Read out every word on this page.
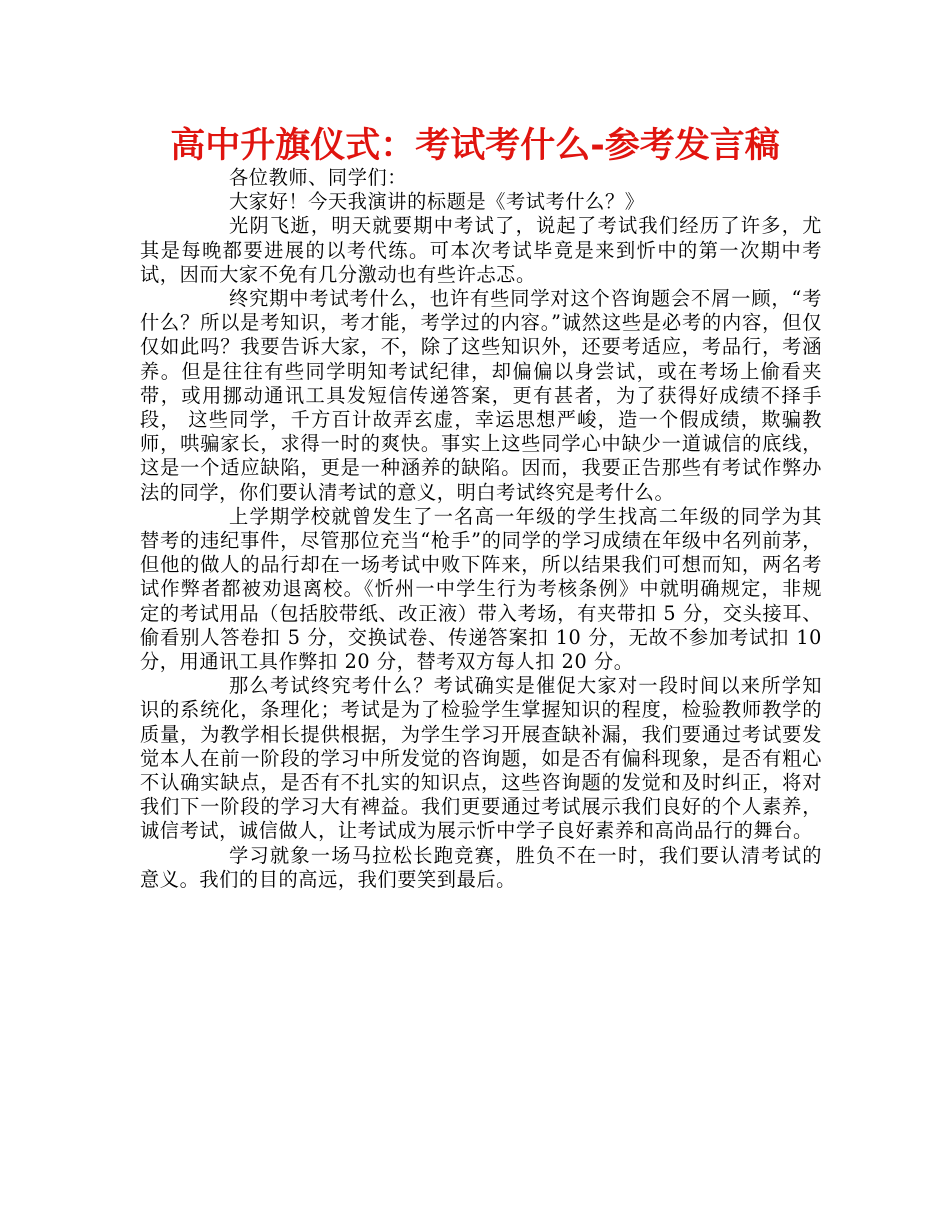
高中升旗仪式：考试考什么-参考发言稿

各位教师、同学们：

大家好！今天我演讲的标题是《考试考什么？》

光阴飞逝，明天就要期中考试了，说起了考试我们经历了许多，尤其是每晚都要进展的以考代练。可本次考试毕竟是来到忻中的第一次期中考试，因而大家不免有几分激动也有些许忐忑。

终究期中考试考什么，也许有些同学对这个咨询题会不屑一顾，“考什么？所以是考知识，考才能，考学过的内容。”诚然这些是必考的内容，但仅仅如此吗？我要告诉大家，不，除了这些知识外，还要考适应，考品行，考涵养。但是往往有些同学明知考试纪律，却偏偏以身尝试，或在考场上偷看夹带，或用挪动通讯工具发短信传递答案，更有甚者，为了获得好成绩不择手段， 这些同学，千方百计故弄玄虚，幸运思想严峻，造一个假成绩，欺骗教师，哄骗家长，求得一时的爽快。事实上这些同学心中缺少一道诚信的底线，这是一个适应缺陷，更是一种涵养的缺陷。因而，我要正告那些有考试作弊办法的同学，你们要认清考试的意义，明白考试终究是考什么。

上学期学校就曾发生了一名高一年级的学生找高二年级的同学为其替考的违纪事件，尽管那位充当“枪手”的同学的学习成绩在年级中名列前茅，但他的做人的品行却在一场考试中败下阵来，所以结果我们可想而知，两名考试作弊者都被劝退离校。《忻州一中学生行为考核条例》中就明确规定，非规定的考试用品（包括胶带纸、改正液）带入考场，有夹带扣 5 分，交头接耳、偷看别人答卷扣 5 分，交换试卷、传递答案扣 10 分，无故不参加考试扣 10 分，用通讯工具作弊扣 20 分，替考双方每人扣 20 分。

那么考试终究考什么？考试确实是催促大家对一段时间以来所学知识的系统化，条理化；考试是为了检验学生掌握知识的程度，检验教师教学的质量，为教学相长提供根据，为学生学习开展查缺补漏，我们要通过考试要发觉本人在前一阶段的学习中所发觉的咨询题，如是否有偏科现象，是否有粗心不认确实缺点，是否有不扎实的知识点，这些咨询题的发觉和及时纠正，将对我们下一阶段的学习大有裨益。我们更要通过考试展示我们良好的个人素养，诚信考试，诚信做人，让考试成为展示忻中学子良好素养和高尚品行的舞台。

学习就象一场马拉松长跑竞赛，胜负不在一时，我们要认清考试的意义。我们的目的高远，我们要笑到最后。
